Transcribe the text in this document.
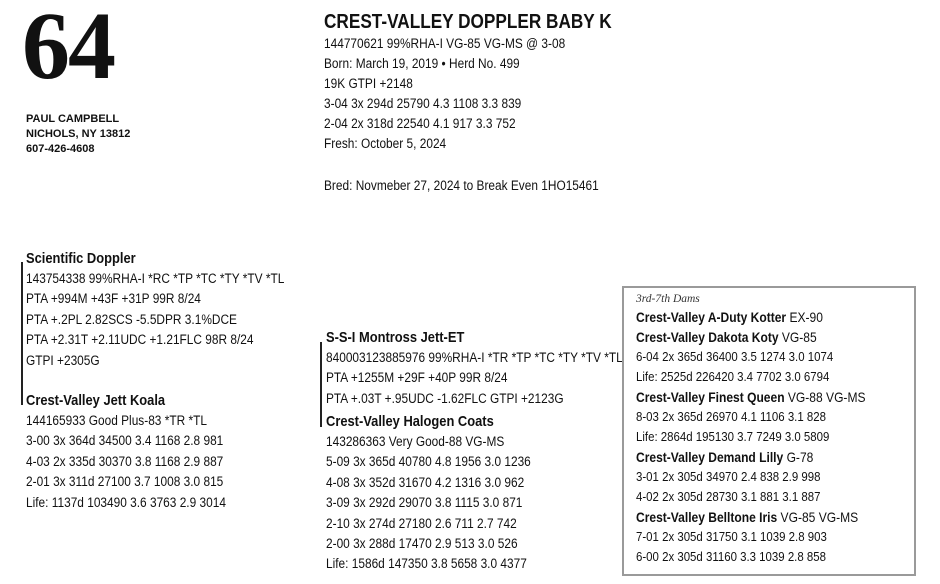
64
PAUL CAMPBELL
NICHOLS, NY 13812
607-426-4608
CREST-VALLEY DOPPLER BABY K
144770621 99%RHA-I VG-85 VG-MS @ 3-08
Born: March 19, 2019 • Herd No. 499
19K GTPI +2148
3-04 3x 294d 25790 4.3 1108 3.3 839
2-04 2x 318d 22540 4.1 917 3.3 752
Fresh: October 5, 2024
Bred: Novmeber 27, 2024 to Break Even 1HO15461
Scientific Doppler
143754338 99%RHA-I *RC *TP *TC *TY *TV *TL
PTA +994M +43F +31P 99R 8/24
PTA +.2PL 2.82SCS -5.5DPR 3.1%DCE
PTA +2.31T +2.11UDC +1.21FLC 98R 8/24
GTPI +2305G
Crest-Valley Jett Koala
144165933 Good Plus-83 *TR *TL
3-00 3x 364d 34500 3.4 1168 2.8 981
4-03 2x 335d 30370 3.8 1168 2.9 887
2-01 3x 311d 27100 3.7 1008 3.0 815
Life: 1137d 103490 3.6 3763 2.9 3014
S-S-I Montross Jett-ET
840003123885976 99%RHA-I *TR *TP *TC *TY *TV *TL
PTA +1255M +29F +40P 99R 8/24
PTA +.03T +.95UDC -1.62FLC GTPI +2123G
Crest-Valley Halogen Coats
143286363 Very Good-88 VG-MS
5-09 3x 365d 40780 4.8 1956 3.0 1236
4-08 3x 352d 31670 4.2 1316 3.0 962
3-09 3x 292d 29070 3.8 1115 3.0 871
2-10 3x 274d 27180 2.6 711 2.7 742
2-00 3x 288d 17470 2.9 513 3.0 526
Life: 1586d 147350 3.8 5658 3.0 4377
3rd-7th Dams
Crest-Valley A-Duty Kotter EX-90
Crest-Valley Dakota Koty VG-85
6-04 2x 365d 36400 3.5 1274 3.0 1074
Life: 2525d 226420 3.4 7702 3.0 6794
Crest-Valley Finest Queen VG-88 VG-MS
8-03 2x 365d 26970 4.1 1106 3.1 828
Life: 2864d 195130 3.7 7249 3.0 5809
Crest-Valley Demand Lilly G-78
3-01 2x 305d 34970 2.4 838 2.9 998
4-02 2x 305d 28730 3.1 881 3.1 887
Crest-Valley Belltone Iris VG-85 VG-MS
7-01 2x 305d 31750 3.1 1039 2.8 903
6-00 2x 305d 31160 3.3 1039 2.8 858
